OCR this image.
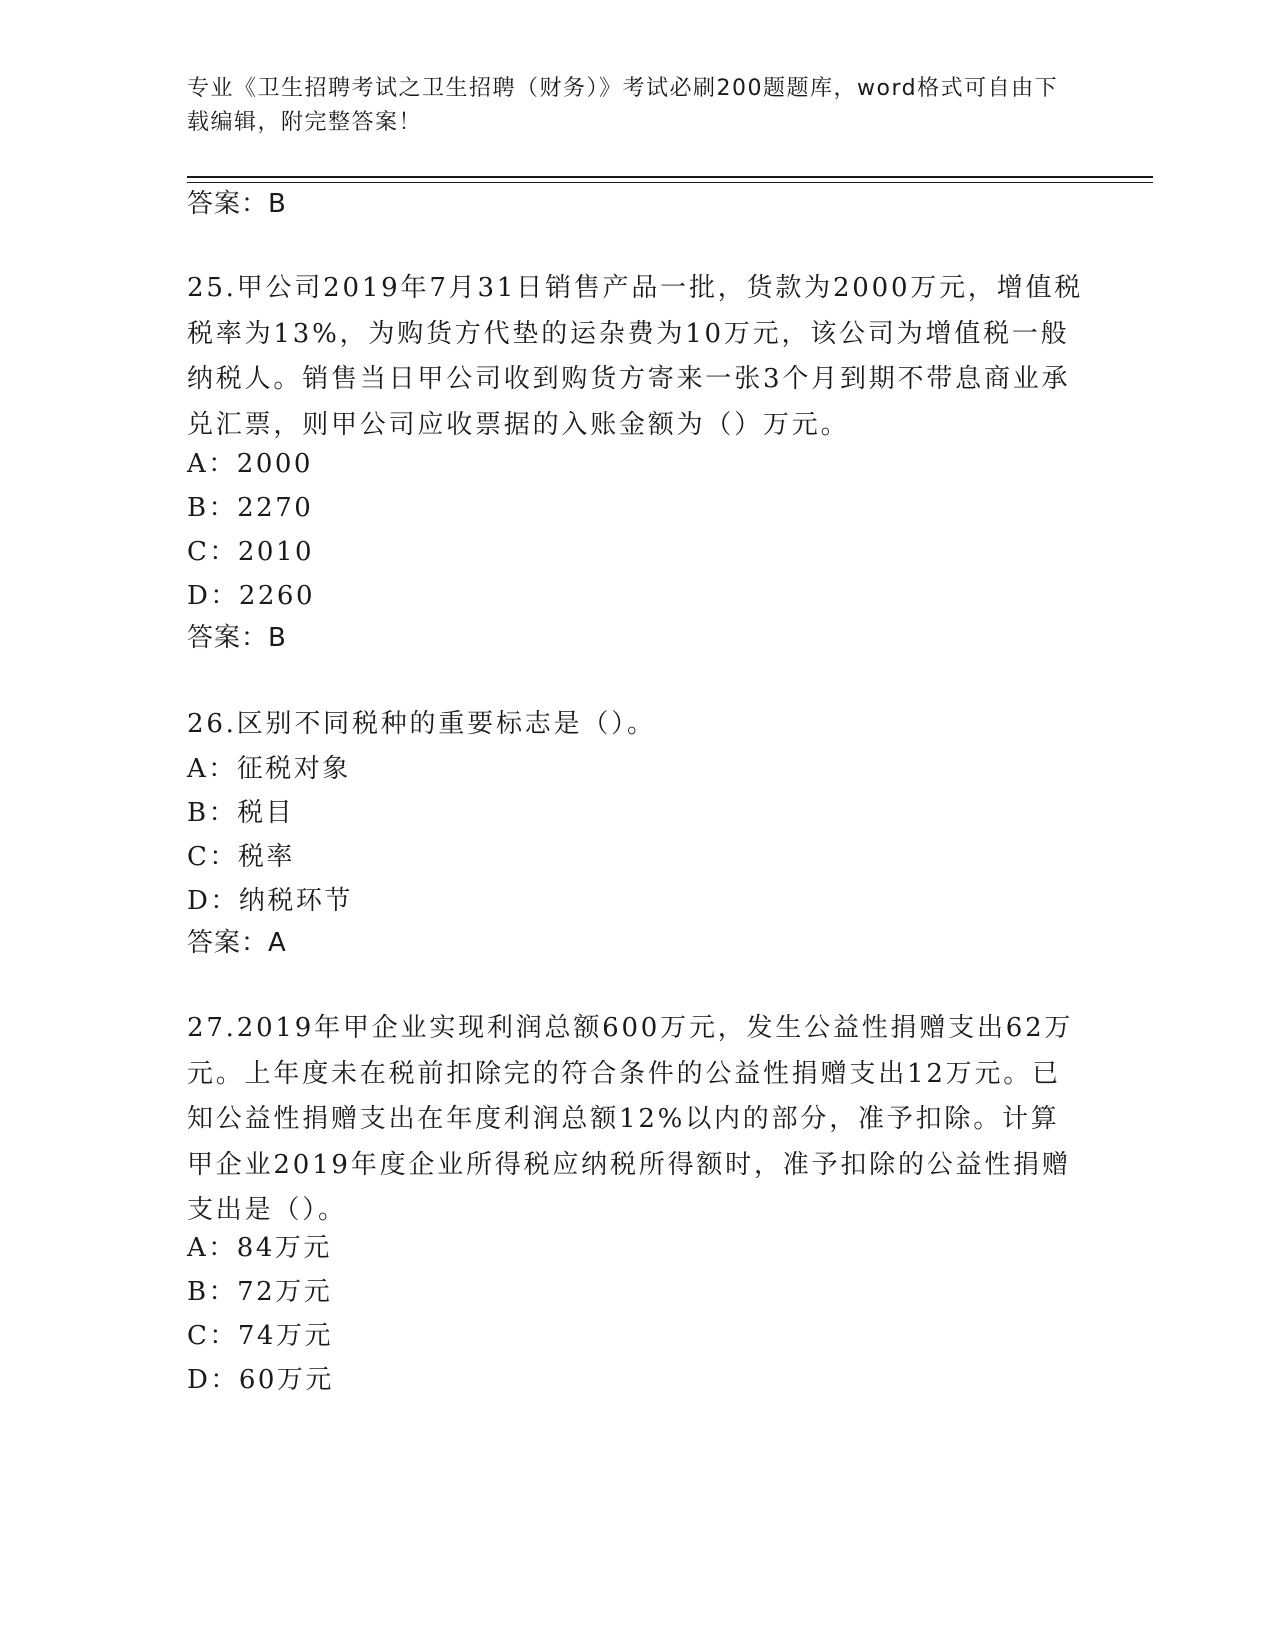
专业《卫生招聘考试之卫生招聘（财务）》考试必刷200题题库，word格式可自由下载编辑，附完整答案！
答案：B
25.甲公司2019年7月31日销售产品一批，货款为2000万元，增值税税率为13%，为购货方代垫的运杂费为10万元，该公司为增值税一般纳税人。销售当日甲公司收到购货方寄来一张3个月到期不带息商业承兑汇票，则甲公司应收票据的入账金额为（）万元。
A：2000
B：2270
C：2010
D：2260
答案：B
26.区别不同税种的重要标志是（）。
A：征税对象
B：税目
C：税率
D：纳税环节
答案：A
27.2019年甲企业实现利润总额600万元，发生公益性捐赠支出62万元。上年度未在税前扣除完的符合条件的公益性捐赠支出12万元。已知公益性捐赠支出在年度利润总额12%以内的部分，准予扣除。计算甲企业2019年度企业所得税应纳税所得额时，准予扣除的公益性捐赠支出是（）。
A：84万元
B：72万元
C：74万元
D：60万元
